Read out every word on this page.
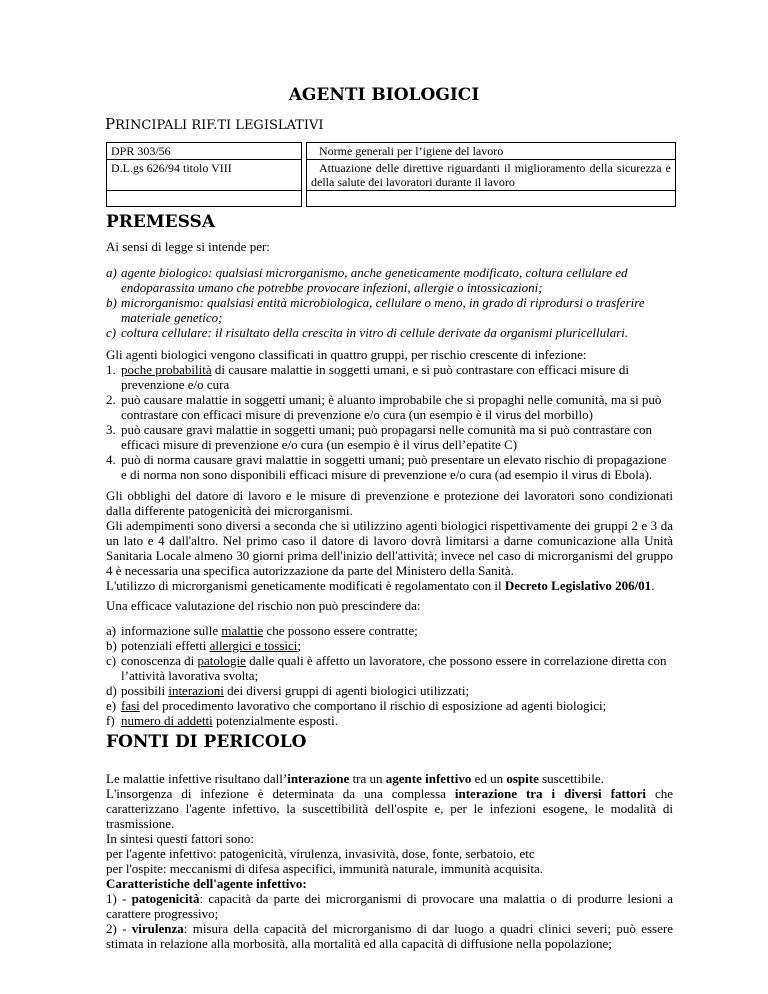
AGENTI BIOLOGICI
PRINCIPALI RIF.TI LEGISLATIVI
DPR 303/56		Norme generali per l’igiene del lavoro
D.L.gs 626/94 titolo VIII		Attuazione delle direttive riguardanti il miglioramento della sicurezza e della salute dei lavoratori durante il lavoro

PREMESSA
Ai sensi di legge si intende per:
a) agente biologico: qualsiasi microrganismo, anche geneticamente modificato, coltura cellulare ed endoparassita umano che potrebbe provocare infezioni, allergie o intossicazioni;
b) microrganismo: qualsiasi entità microbiologica, cellulare o meno, in grado di riprodursi o trasferire materiale genetico;
c) coltura cellulare: il risultato della crescita in vitro di cellule derivate da organismi pluricellulari.

Gli agenti biologici vengono classificati in quattro gruppi, per rischio crescente di infezione:

1. poche probabilità di causare malattie in soggetti umani, e si può contrastare con efficaci misure di prevenzione e/o cura
2. può causare malattie in soggetti umani; è aluanto improbabile che si propaghi nelle comunità, ma si può contrastare con efficaci misure di prevenzione e/o cura (un esempio è il virus del morbillo)
3. può causare gravi malattie in soggetti umani; può propagarsi nelle comunità ma si può contrastare con efficaci misure di prevenzione e/o cura (un esempio è il virus dell’epatite C)
4. può di norma causare gravi malattie in soggetti umani; può presentare un elevato rischio di propagazione e di norma non sono disponibili efficaci misure di prevenzione e/o cura (ad esempio il virus di Ebola).

Gli obblighi del datore di lavoro e le misure di prevenzione e protezione dei lavoratori sono condizionati dalla differente patogenicità dei microrganismi.

Gli adempimenti sono diversi a seconda che si utilizzino agenti biologici rispettivamente dei gruppi 2 e 3 da un lato e 4 dall'altro. Nel primo caso il datore di lavoro dovrà limitarsi a darne comunicazione alla Unità Sanitaria Locale almeno 30 giorni prima dell'inizio dell'attività; invece nel caso di microrganismi del gruppo 4 è necessaria una specifica autorizzazione da parte del Ministero della Sanità.

L'utilizzo di microrganismi geneticamente modificati è regolamentato con il Decreto Legislativo 206/01.

Una efficace valutazione del rischio non può prescindere da:

a) informazione sulle malattie che possono essere contratte;
b) potenziali effetti allergici e tossici;
c) conoscenza di patologie dalle quali è affetto un lavoratore, che possono essere in correlazione diretta con l’attività lavorativa svolta;
d) possibili interazioni dei diversi gruppi di agenti biologici utilizzati;
e) fasi del procedimento lavorativo che comportano il rischio di esposizione ad agenti biologici;
f) numero di addetti potenzialmente esposti.
FONTI DI PERICOLO

Le malattie infettive risultano dall’interazione tra un agente infettivo ed un ospite suscettibile.

L'insorgenza di infezione è determinata da una complessa interazione tra i diversi fattori che caratterizzano l'agente infettivo, la suscettibilità dell'ospite e, per le infezioni esogene, le modalità di trasmissione.

In sintesi questi fattori sono:

per l'agente infettivo: patogenicità, virulenza, invasività, dose, fonte, serbatoio, etc

per l'ospite: meccanismi di difesa aspecifici, immunità naturale, immunità acquisita.

Caratteristiche dell'agente infettivo:

1) - patogenicità: capacità da parte dei microrganismi di provocare una malattia o di produrre lesioni a carattere progressivo;

2) - virulenza: misura della capacità del microrganismo di dar luogo a quadri clinici severi; può essere stimata in relazione alla morbosità, alla mortalità ed alla capacità di diffusione nella popolazione;
